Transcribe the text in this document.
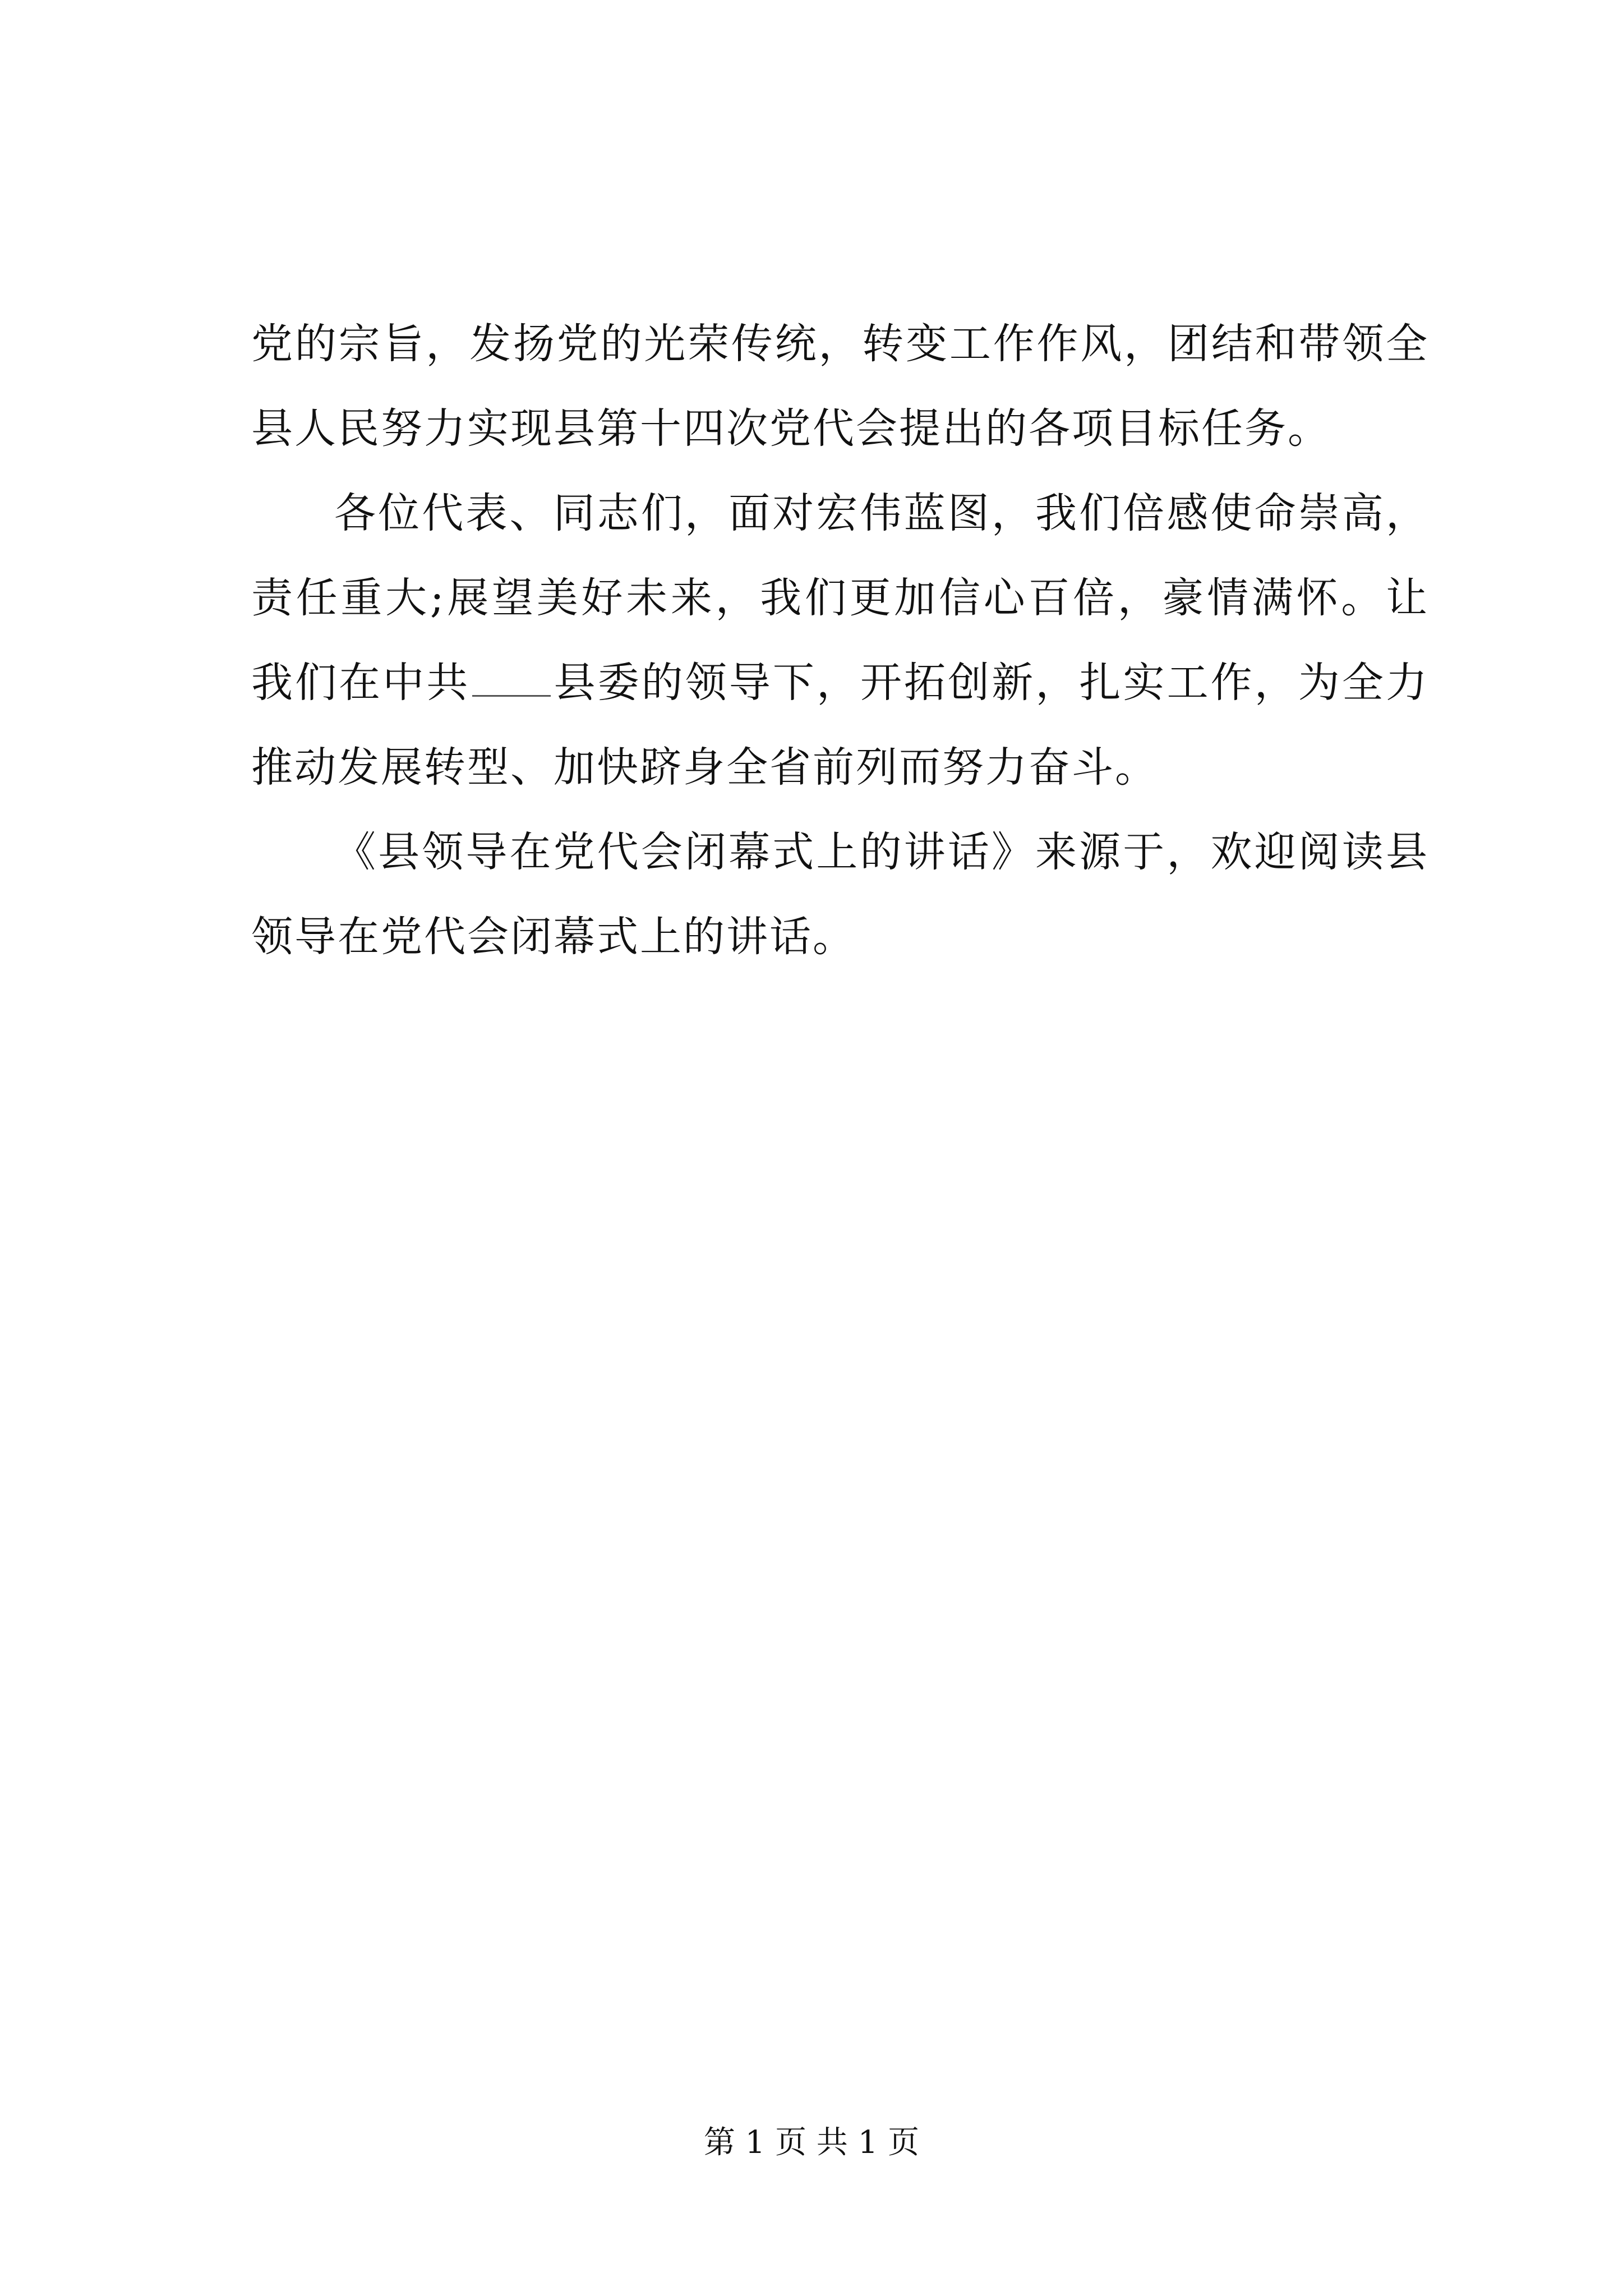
党的宗旨，发扬党的光荣传统，转变工作作风，团结和带领全县人民努力实现县第十四次党代会提出的各项目标任务。

各位代表、同志们，面对宏伟蓝图，我们倍感使命崇高，责任重大;展望美好未来，我们更加信心百倍，豪情满怀。让我们在中共 县委的领导下，开拓创新，扎实工作，为全力推动发展转型、加快跻身全省前列而努力奋斗。

《县领导在党代会闭幕式上的讲话》来源于，欢迎阅读县领导在党代会闭幕式上的讲话。

第 1 页 共 1 页
